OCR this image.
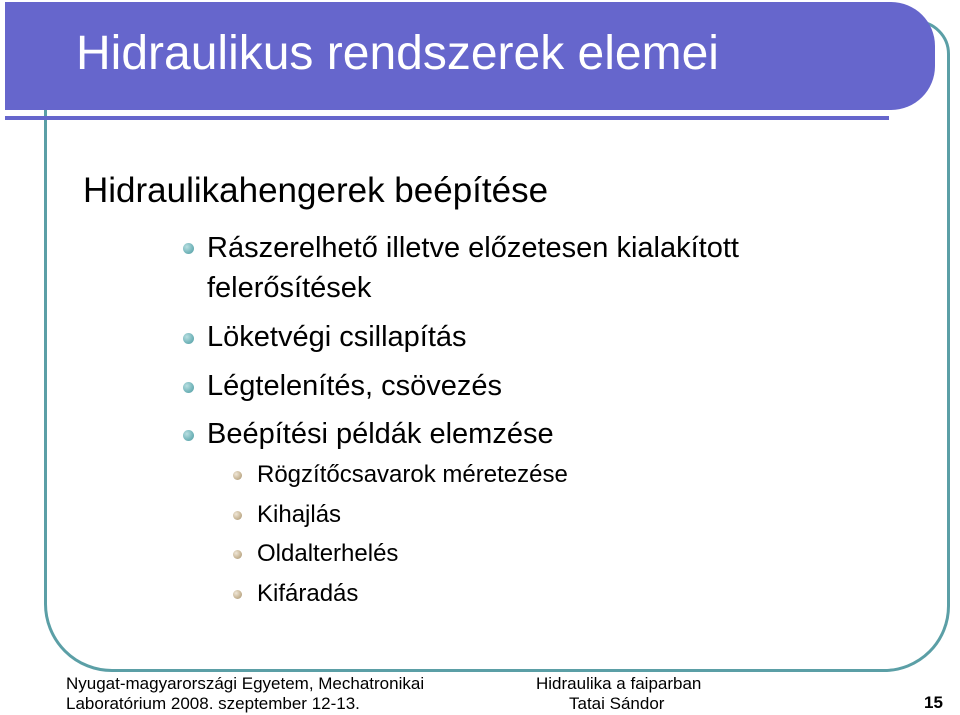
Hidraulikus rendszerek elemei
Hidraulikahengerek beépítése
Rászerelhető illetve előzetesen kialakított
felerősítések
Löketvégi csillapítás
Légtelenítés, csövezés
Beépítési példák elemzése
Rögzítőcsavarok méretezése
Kihajlás
Oldalterhelés
Kifáradás
Nyugat-magyarországi Egyetem, Mechatronikai
Laboratórium 2008. szeptember 12-13.
Hidraulika a faiparban
Tatai Sándor	15
